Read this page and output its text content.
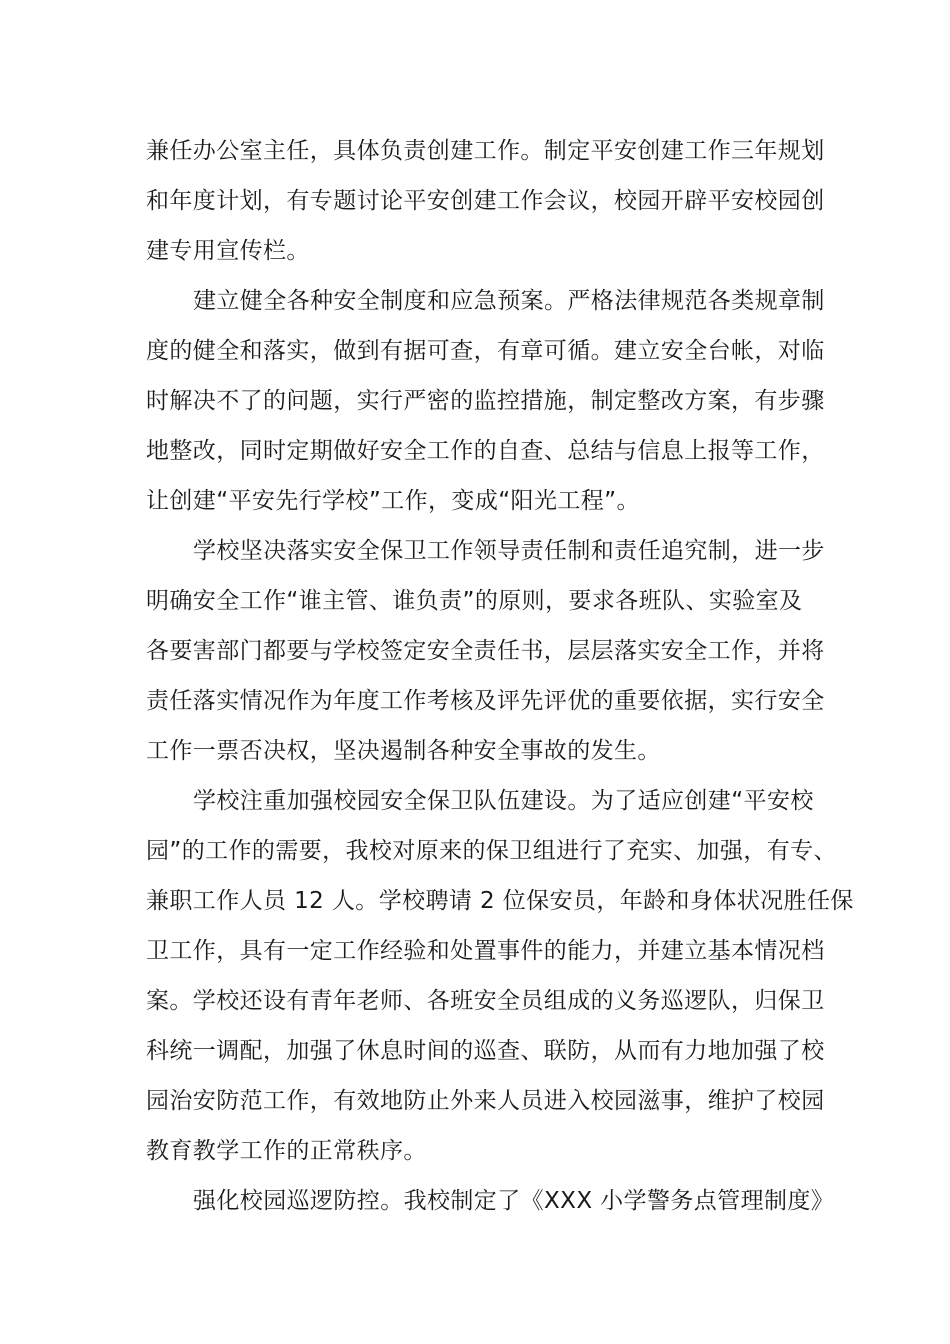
兼任办公室主任，具体负责创建工作。制定平安创建工作三年规划
和年度计划，有专题讨论平安创建工作会议，校园开辟平安校园创
建专用宣传栏。
建立健全各种安全制度和应急预案。严格法律规范各类规章制
度的健全和落实，做到有据可查，有章可循。建立安全台帐，对临
时解决不了的问题，实行严密的监控措施，制定整改方案，有步骤
地整改，同时定期做好安全工作的自查、总结与信息上报等工作，
让创建“平安先行学校”工作，变成“阳光工程”。
学校坚决落实安全保卫工作领导责任制和责任追究制，进一步
明确安全工作“谁主管、谁负责”的原则，要求各班队、实验室及
各要害部门都要与学校签定安全责任书，层层落实安全工作，并将
责任落实情况作为年度工作考核及评先评优的重要依据，实行安全
工作一票否决权，坚决遏制各种安全事故的发生。
学校注重加强校园安全保卫队伍建设。为了适应创建“平安校
园”的工作的需要，我校对原来的保卫组进行了充实、加强，有专、
兼职工作人员 12 人。学校聘请 2 位保安员，年龄和身体状况胜任保
卫工作，具有一定工作经验和处置事件的能力，并建立基本情况档
案。学校还设有青年老师、各班安全员组成的义务巡逻队，归保卫
科统一调配，加强了休息时间的巡查、联防，从而有力地加强了校
园治安防范工作，有效地防止外来人员进入校园滋事，维护了校园
教育教学工作的正常秩序。
强化校园巡逻防控。我校制定了《XXX 小学警务点管理制度》
